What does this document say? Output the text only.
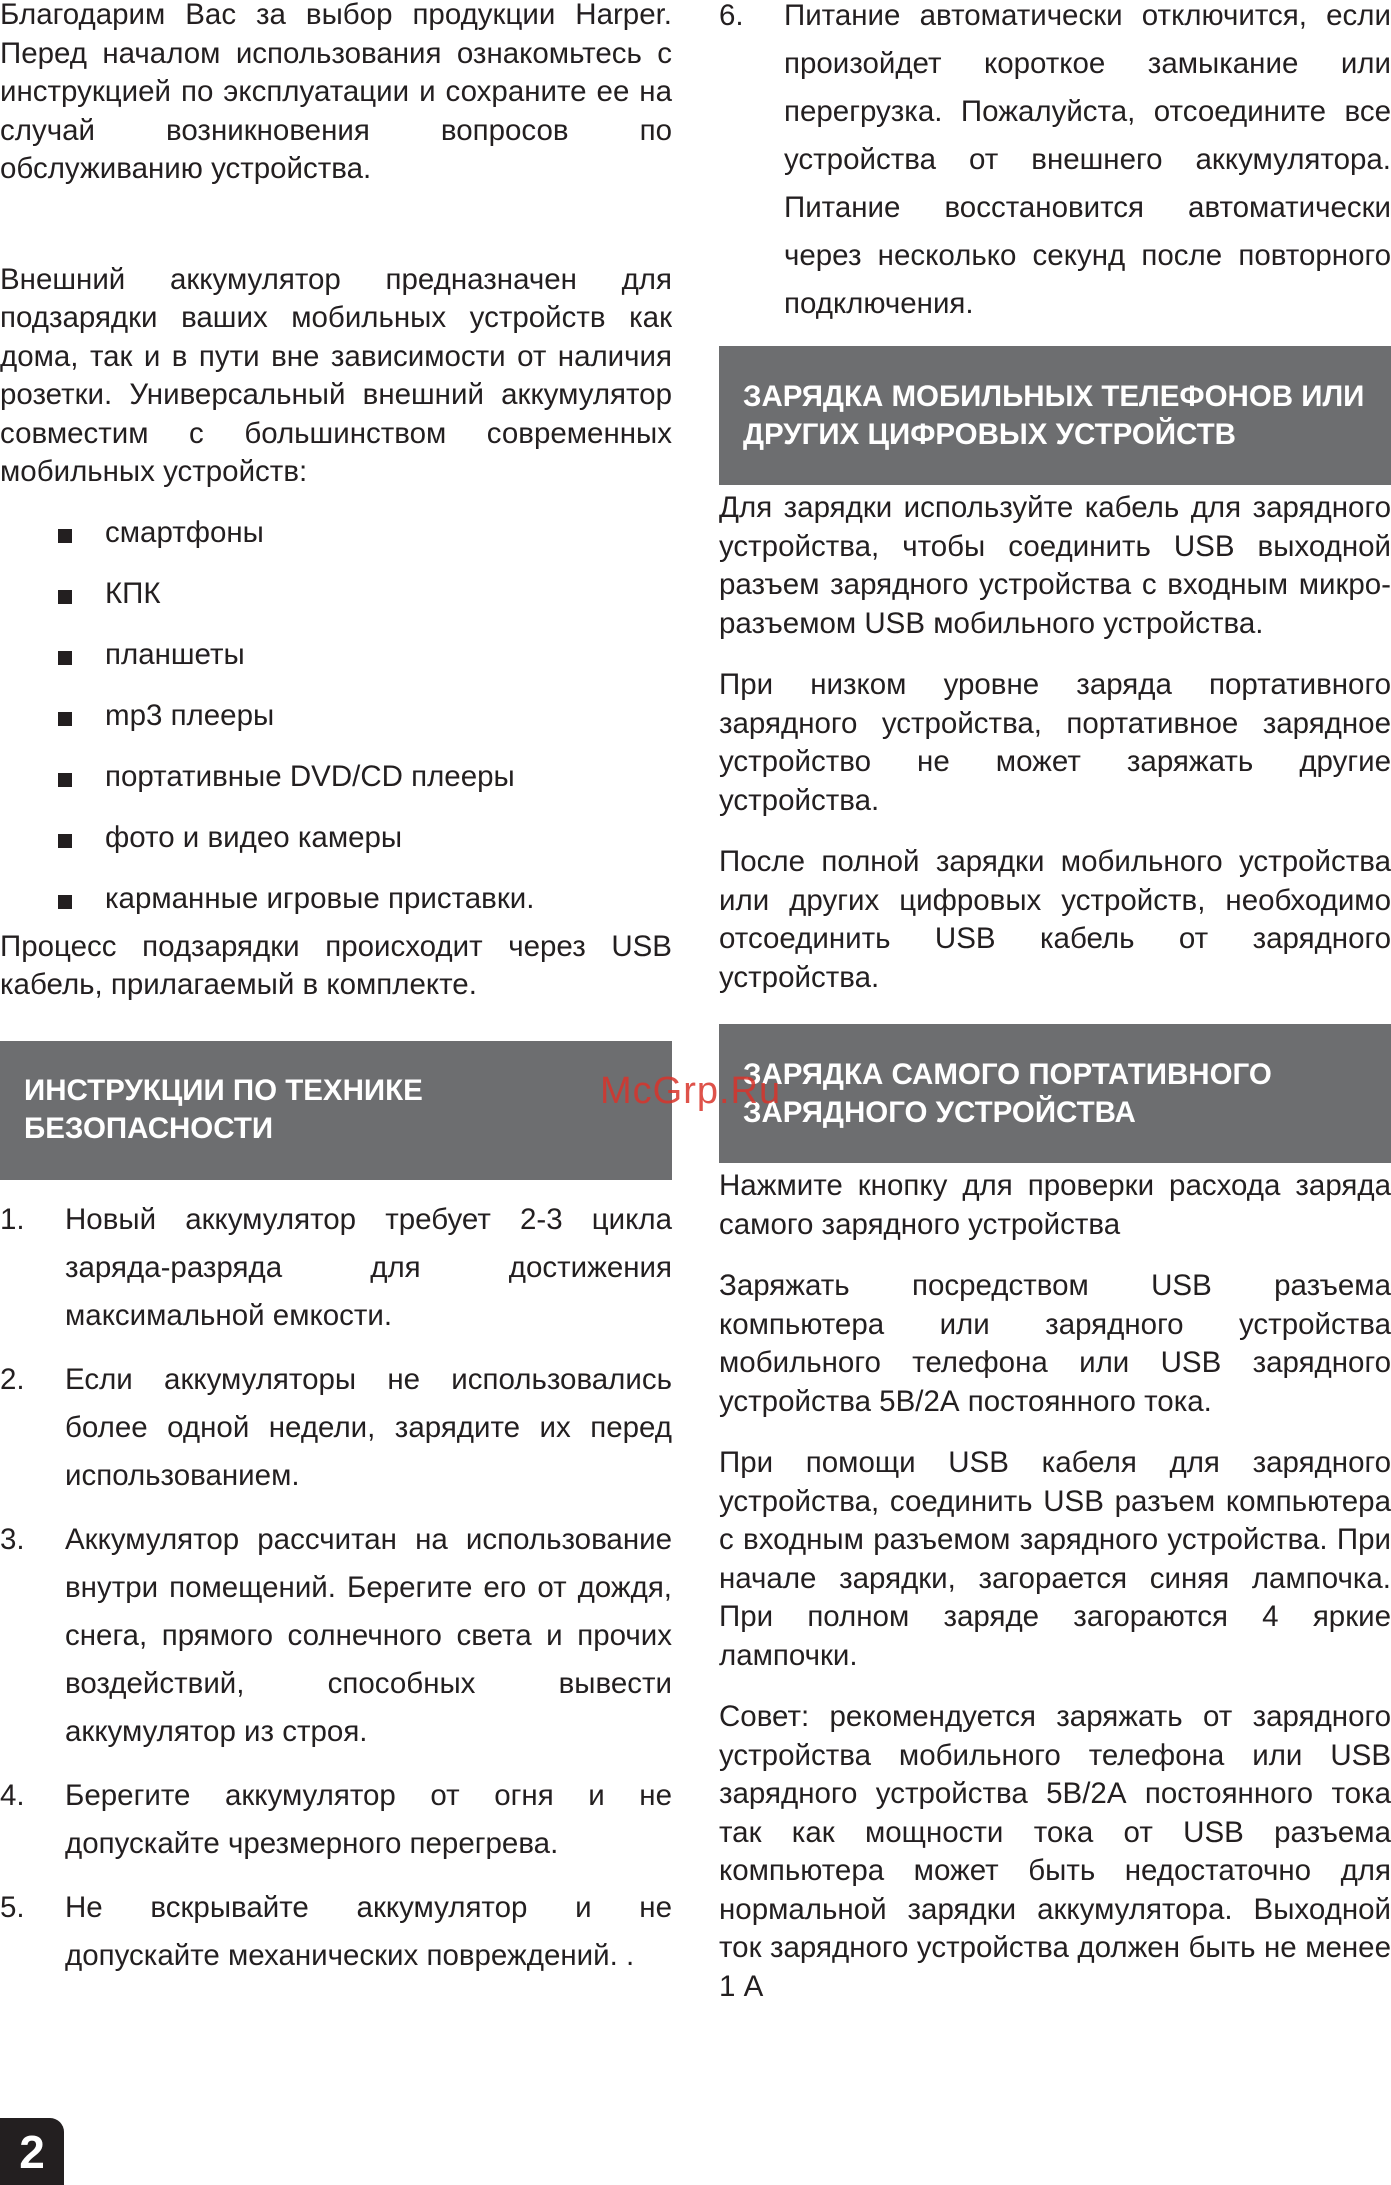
Благодарим Вас за выбор продукции Harper. Перед началом использования ознакомьтесь с инструкцией по эксплуатации и сохраните ее на случай возникновения вопросов по обслуживанию устройства.

Внешний аккумулятор предназначен для подзарядки ваших мобильных устройств как дома, так и в пути вне зависимости от наличия розетки. Универсальный внешний аккумулятор совместим с большинством современных мобильных устройств:

смартфоны
КПК
планшеты
mp3 плееры
портативные DVD/CD плееры
фото и видео камеры
карманные игровые приставки.

Процесс подзарядки происходит через USB кабель, прилагаемый в комплекте.

ИНСТРУКЦИИ ПО ТЕХНИКЕ БЕЗОПАСНОСТИ
1. Новый аккумулятор требует 2-3 цикла заряда-разряда для достижения максимальной емкости.

2. Если аккумуляторы не использовались более одной недели, зарядите их перед использованием.

3. Аккумулятор рассчитан на использование внутри помещений. Берегите его от дождя, снега, прямого солнечного света и прочих воздействий, способных вывести аккумулятор из строя.

4. Берегите аккумулятор от огня и не допускайте чрезмерного перегрева.

5. Не вскрывайте аккумулятор и не допускайте механических повреждений. .

6. Питание автоматически отключится, если произойдет короткое замыкание или перегрузка. Пожалуйста, отсоедините все устройства от внешнего аккумулятора. Питание восстановится автоматически через несколько секунд после повторного подключения.

ЗАРЯДКА МОБИЛЬНЫХ ТЕЛЕФОНОВ ИЛИ ДРУГИХ ЦИФРОВЫХ УСТРОЙСТВ

Для зарядки используйте кабель для зарядного устройства, чтобы соединить USB выходной разъем зарядного устройства с входным микро-разъемом USB мобильного устройства.

При низком уровне заряда портативного зарядного устройства, портативное зарядное устройство не может заряжать другие устройства.

После полной зарядки мобильного устройства или других цифровых устройств, необходимо отсоединить USB кабель от зарядного устройства.

ЗАРЯДКА САМОГО ПОРТАТИВНОГО ЗАРЯДНОГО УСТРОЙСТВА

Нажмите кнопку для проверки расхода заряда самого зарядного устройства

Заряжать посредством USB разъема компьютера или зарядного устройства мобильного телефона или USB зарядного устройства 5В/2А постоянного тока.

При помощи USB кабеля для зарядного устройства, соединить USB разъем компьютера с входным разъемом зарядного устройства. При начале зарядки, загорается синяя лампочка. При полном заряде загораются 4 яркие лампочки.

Совет: рекомендуется заряжать от зарядного устройства мобильного телефона или USB зарядного устройства 5В/2А постоянного тока так как мощности тока от USB разъема компьютера может быть недостаточно для нормальной зарядки аккумулятора. Выходной ток зарядного устройства должен быть не менее 1 А

McGrp.Ru
2
